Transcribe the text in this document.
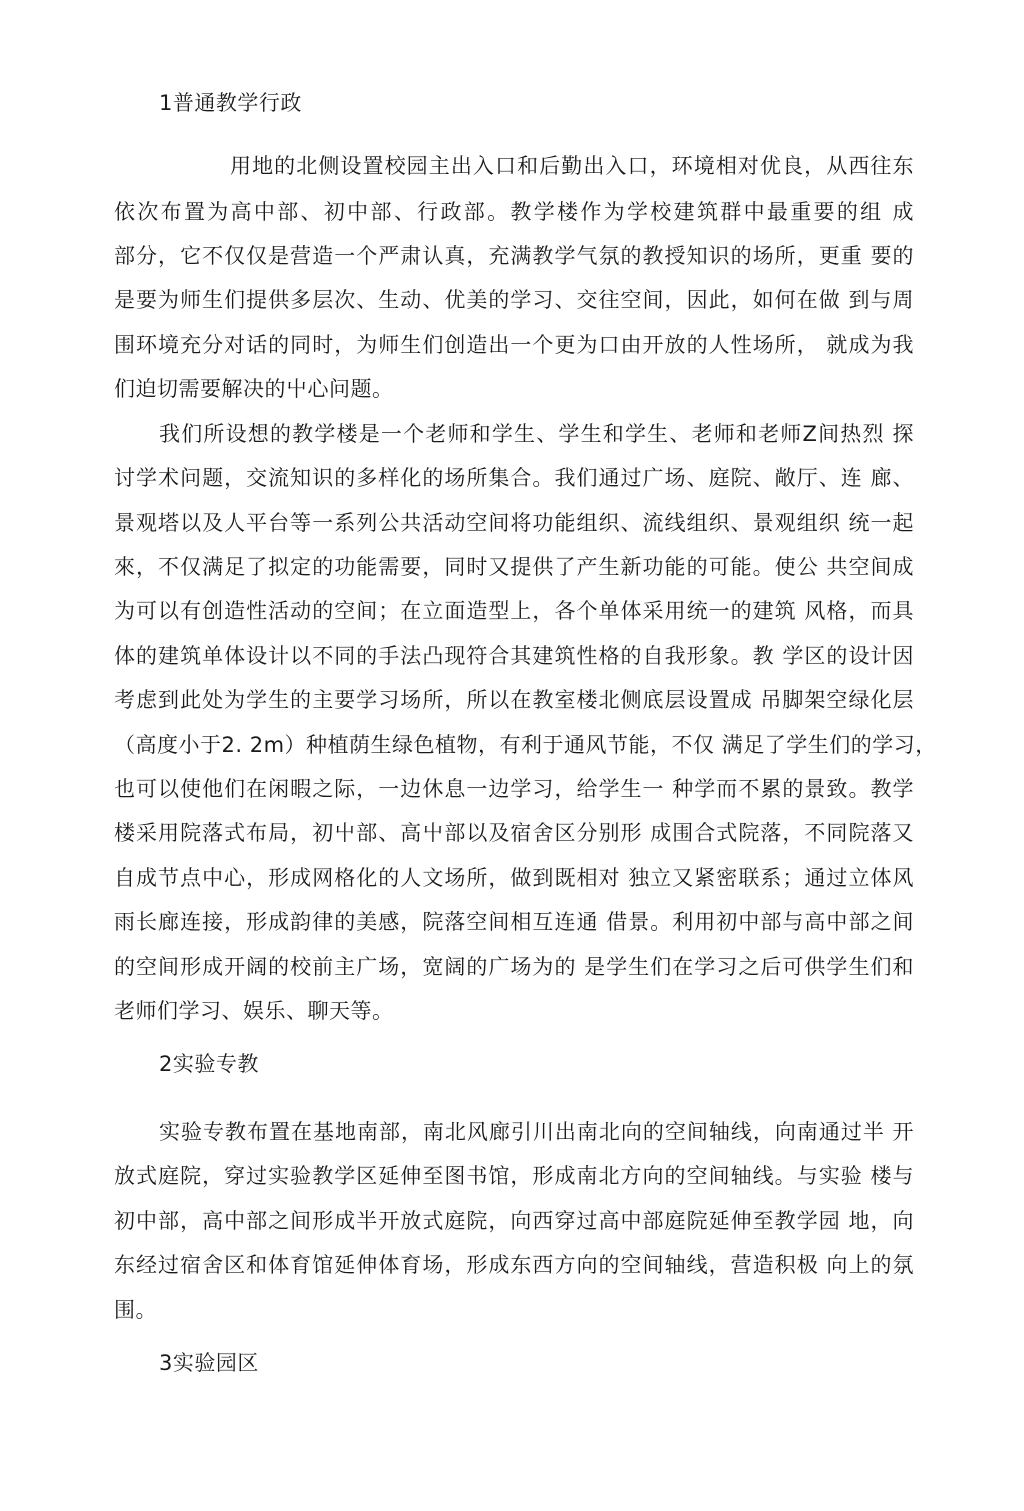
1普通教学行政
用地的北侧设置校园主出入口和后勤出入口，环境相对优良，从西往东
依次布置为高中部、初中部、行政部。教学楼作为学校建筑群中最重要的组 成
部分，它不仅仅是营造一个严肃认真，充满教学气氛的教授知识的场所，更重 要的
是要为师生们提供多层次、生动、优美的学习、交往空间，因此，如何在做 到与周
围环境充分对话的同时，为师生们创造出一个更为口由开放的人性场所， 就成为我
们迫切需要解决的屮心问题。
我们所设想的教学楼是一个老师和学生、学生和学生、老师和老师Z间热烈 探
讨学术问题，交流知识的多样化的场所集合。我们通过广场、庭院、敞厅、连 廊、
景观塔以及人平台等一系列公共活动空间将功能组织、流线组织、景观组织 统一起
來，不仅满足了拟定的功能需要，同时又提供了产生新功能的可能。使公 共空间成
为可以有创造性活动的空间；在立面造型上，各个单体采用统一的建筑 风格，而具
体的建筑单体设计以不同的手法凸现符合其建筑性格的自我形象。教 学区的设计因
考虑到此处为学生的主要学习场所，所以在教室楼北侧底层设置成 吊脚架空绿化层
（高度小于2. 2m）种植荫生绿色植物，有利于通风节能，不仅 满足了学生们的学习，
也可以使他们在闲暇之际，一边休息一边学习，给学生一 种学而不累的景致。教学
楼采用院落式布局，初屮部、高屮部以及宿舍区分别形 成围合式院落，不同院落又
自成节点中心，形成网格化的人文场所，做到既相对 独立又紧密联系；通过立体风
雨长廊连接，形成韵律的美感，院落空间相互连通 借景。利用初中部与高中部之间
的空间形成开阔的校前主广场，宽阔的广场为的 是学生们在学习之后可供学生们和
老师们学习、娱乐、聊天等。
2实验专教
实验专教布置在基地南部，南北风廊引川出南北向的空间轴线，向南通过半 开
放式庭院，穿过实验教学区延伸至图书馆，形成南北方向的空间轴线。与实验 楼与
初中部，高中部之间形成半开放式庭院，向西穿过高中部庭院延伸至教学园 地，向
东经过宿舍区和体育馆延伸体育场，形成东西方向的空间轴线，营造积极 向上的氛
围。
3实验园区
